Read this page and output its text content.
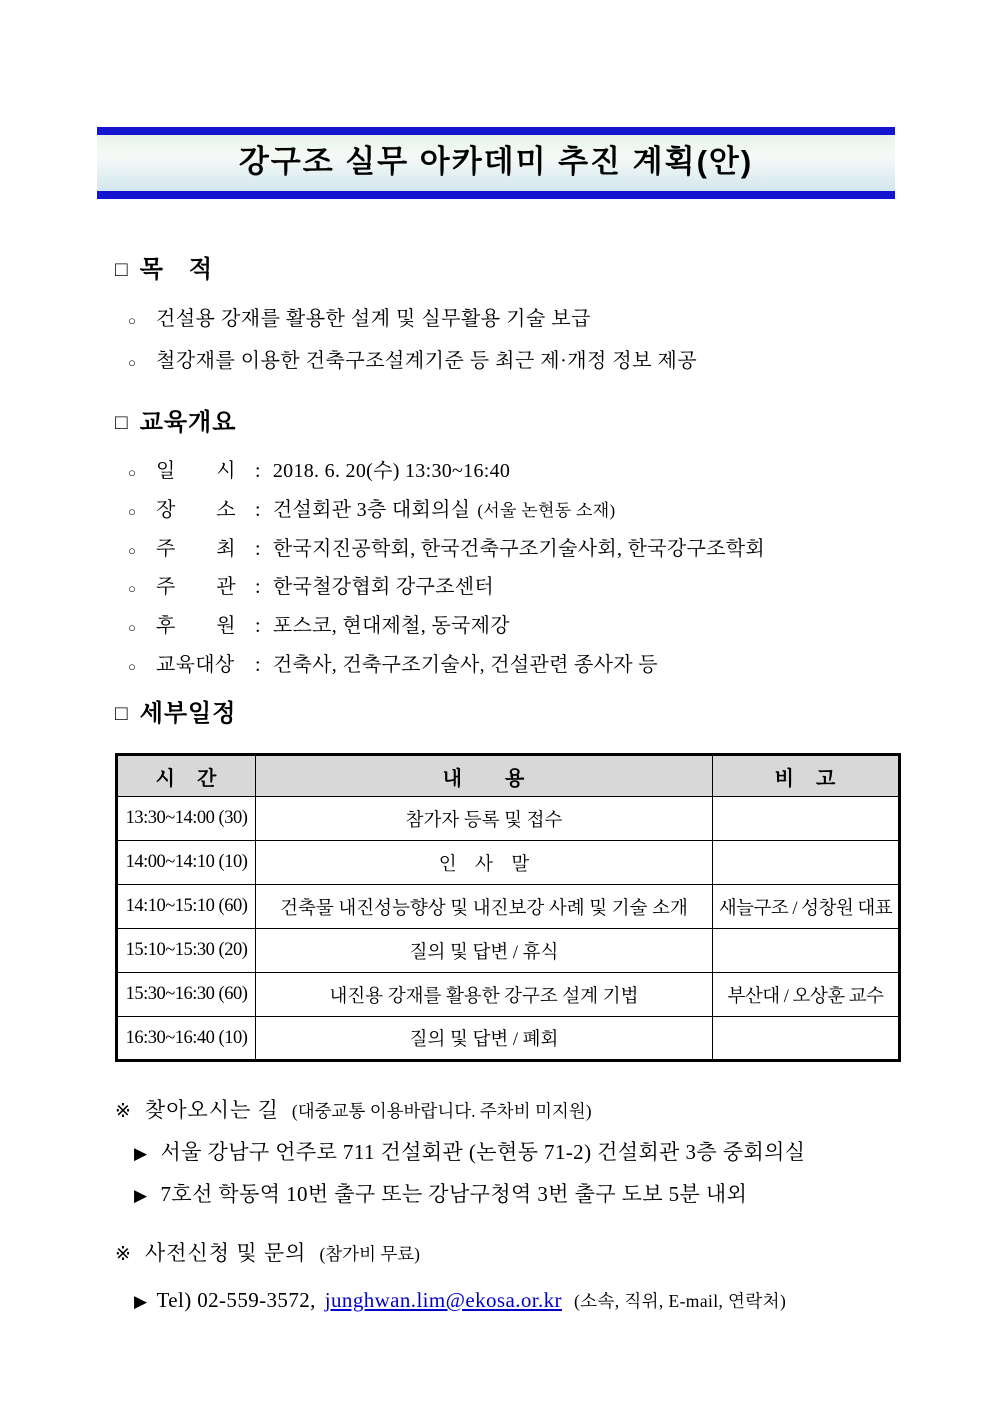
강구조 실무 아카데미 추진 계획(안)
□ 목　적
○ 건설용 강재를 활용한 설계 및 실무활용 기술 보급
○ 철강재를 이용한 건축구조설계기준 등 최근 제·개정 정보 제공
□ 교육개요
○ 일　　시 : 2018. 6. 20(수) 13:30~16:40
○ 장　　소 : 건설회관 3층 대회의실 (서울 논현동 소재)
○ 주　　최 : 한국지진공학회, 한국건축구조기술사회, 한국강구조학회
○ 주　　관 : 한국철강협회 강구조센터
○ 후　　원 : 포스코, 현대제철, 동국제강
○ 교육대상	: 건축사, 건축구조기술사, 건설관련 종사자 등
□ 세부일정
시　간	내　　용	비　고
13:30~14:00 (30)	참가자 등록 및 접수	
14:00~14:10 (10)	인　사　말	
14:10~15:10 (60)	건축물 내진성능향상 및 내진보강 사례 및 기술 소개	새늘구조 / 성창원 대표
15:10~15:30 (20)	질의 및 답변 / 휴식	
15:30~16:30 (60)	내진용 강재를 활용한 강구조 설계 기법	부산대 / 오상훈 교수
16:30~16:40 (10)	질의 및 답변 / 폐회	
※ 찾아오시는 길 (대중교통 이용바랍니다. 주차비 미지원)
▶ 서울 강남구 언주로 711 건설회관 (논현동 71-2) 건설회관 3층 중회의실
▶ 7호선 학동역 10번 출구 또는 강남구청역 3번 출구 도보 5분 내외
※ 사전신청 및 문의 (참가비 무료)
▶ Tel) 02-559-3572, junghwan.lim@ekosa.or.kr (소속, 직위, E-mail, 연락처)
